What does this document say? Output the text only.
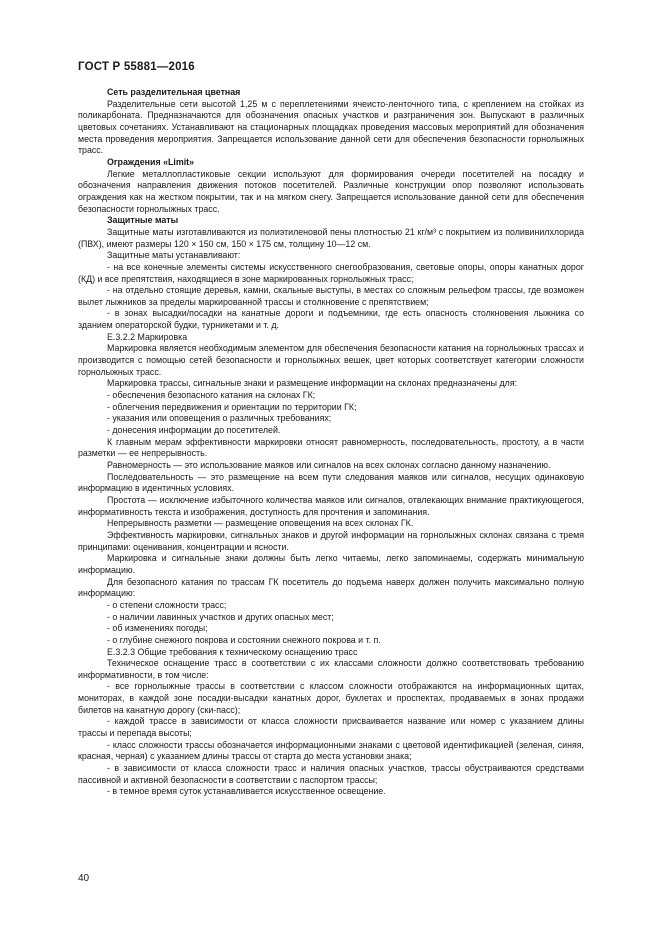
ГОСТ Р 55881—2016

Сеть разделительная цветная

Разделительные сети высотой 1,25 м с переплетениями ячеисто-ленточного типа, с креплением на стойках из поликарбоната. Предназначаются для обозначения опасных участков и разграничения зон. Выпускают в различных цветовых сочетаниях. Устанавливают на стационарных площадках проведения массовых мероприятий для обозначения места проведения мероприятия. Запрещается использование данной сети для обеспечения безопасности горнолыжных трасс.

Ограждения «Limit»

Легкие металлопластиковые секции используют для формирования очереди посетителей на посадку и обозначения направления движения потоков посетителей. Различные конструкции опор позволяют использовать ограждения как на жестком покрытии, так и на мягком снегу. Запрещается использование данной сети для обеспечения безопасности горнолыжных трасс.

Защитные маты

Защитные маты изготавливаются из полиэтиленовой пены плотностью 21 кг/м³ с покрытием из поливинилхлорида (ПВХ), имеют размеры 120 × 150 см, 150 × 175 см, толщину 10—12 см.

Защитные маты устанавливают:

- на все конечные элементы системы искусственного снегообразования, световые опоры, опоры канатных дорог (КД) и все препятствия, находящиеся в зоне маркированных горнолыжных трасс;

- на отдельно стоящие деревья, камни, скальные выступы, в местах со сложным рельефом трассы, где возможен вылет лыжников за пределы маркированной трассы и столкновение с препятствием;

- в зонах высадки/посадки на канатные дороги и подъемники, где есть опасность столкновения лыжника со зданием операторской будки, турникетами и т. д.

Е.3.2.2 Маркировка

Маркировка является необходимым элементом для обеспечения безопасности катания на горнолыжных трассах и производится с помощью сетей безопасности и горнолыжных вешек, цвет которых соответствует категории сложности горнолыжных трасс.

Маркировка трассы, сигнальные знаки и размещение информации на склонах предназначены для:

- обеспечения безопасного катания на склонах ГК;

- облегчения передвижения и ориентации по территории ГК;

- указания или оповещения о различных требованиях;

- донесения информации до посетителей.

К главным мерам эффективности маркировки относят равномерность, последовательность, простоту, а в части разметки — ее непрерывность.

Равномерность — это использование маяков или сигналов на всех склонах согласно данному назначению.

Последовательность — это размещение на всем пути следования маяков или сигналов, несущих одинаковую информацию в идентичных условиях.

Простота — исключение избыточного количества маяков или сигналов, отвлекающих внимание практикующегося, информативность текста и изображения, доступность для прочтения и запоминания.

Непрерывность разметки — размещение оповещения на всех склонах ГК.

Эффективность маркировки, сигнальных знаков и другой информации на горнолыжных склонах связана с тремя принципами: оценивания, концентрации и ясности.

Маркировка и сигнальные знаки должны быть легко читаемы, легко запоминаемы, содержать минимальную информацию.

Для безопасного катания по трассам ГК посетитель до подъема наверх должен получить максимально полную информацию:

- о степени сложности трасс;

- о наличии лавинных участков и других опасных мест;

- об изменениях погоды;

- о глубине снежного покрова и состоянии снежного покрова и т. п.

Е.3.2.3 Общие требования к техническому оснащению трасс

Техническое оснащение трасс в соответствии с их классами сложности должно соответствовать требованию информативности, в том числе:

- все горнолыжные трассы в соответствии с классом сложности отображаются на информационных щитах, мониторах, в каждой зоне посадки-высадки канатных дорог, буклетах и проспектах, продаваемых в зонах продажи билетов на канатную дорогу (ски-пасс);

- каждой трассе в зависимости от класса сложности присваивается название или номер с указанием длины трассы и перепада высоты;

- класс сложности трассы обозначается информационными знаками с цветовой идентификацией (зеленая, синяя, красная, черная) с указанием длины трассы от старта до места установки знака;

- в зависимости от класса сложности трасс и наличия опасных участков, трассы обустраиваются средствами пассивной и активной безопасности в соответствии с паспортом трассы;

- в темное время суток устанавливается искусственное освещение.

40
